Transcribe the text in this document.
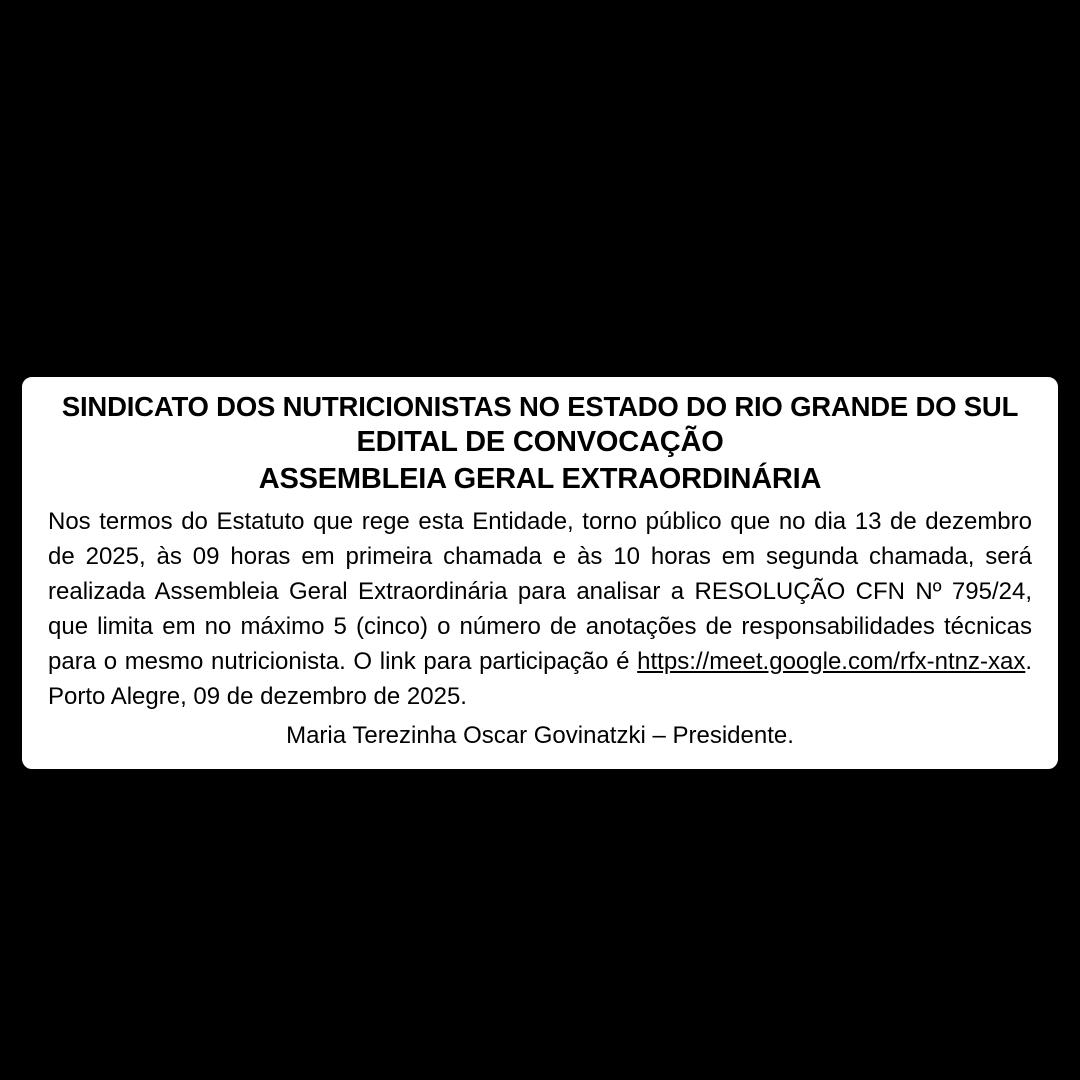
SINDICATO DOS NUTRICIONISTAS NO ESTADO DO RIO GRANDE DO SUL
EDITAL DE CONVOCAÇÃO
ASSEMBLEIA GERAL EXTRAORDINÁRIA

Nos termos do Estatuto que rege esta Entidade, torno público que no dia 13 de dezembro de 2025, às 09 horas em primeira chamada e às 10 horas em segunda chamada, será realizada Assembleia Geral Extraordinária para analisar a RESOLUÇÃO CFN Nº 795/24, que limita em no máximo 5 (cinco) o número de anotações de responsabilidades técnicas para o mesmo nutricionista. O link para participação é https://meet.google.com/rfx-ntnz-xax. Porto Alegre, 09 de dezembro de 2025.

Maria Terezinha Oscar Govinatzki – Presidente.
